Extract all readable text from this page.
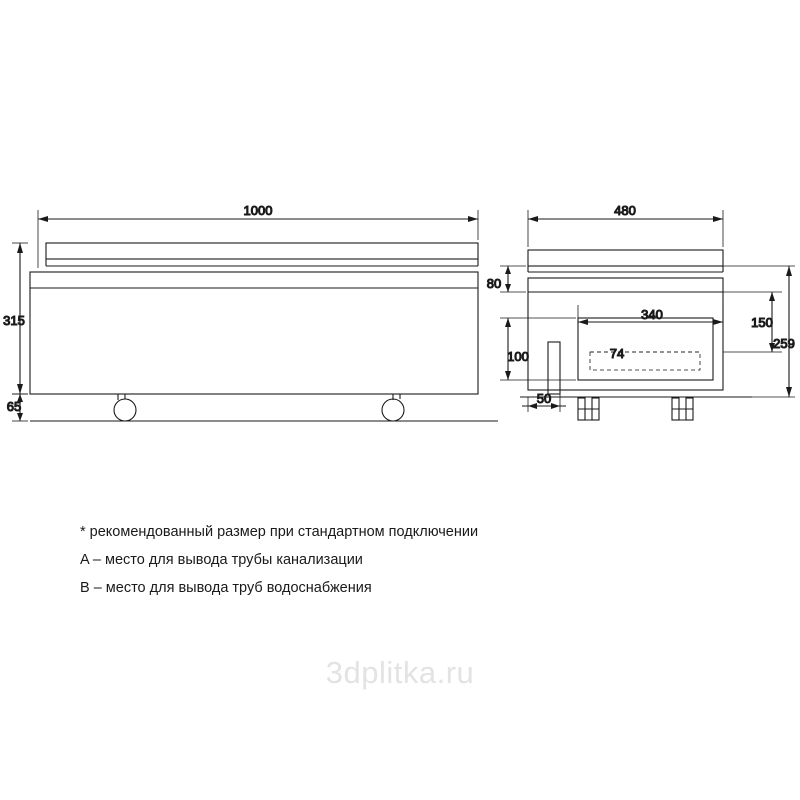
1000
315
65
480
80
100
340
74
150
259
50
* рекомендованный размер при стандартном подключении
A – место для вывода трубы канализации
B – место для вывода труб водоснабжения
3dplitka.ru
